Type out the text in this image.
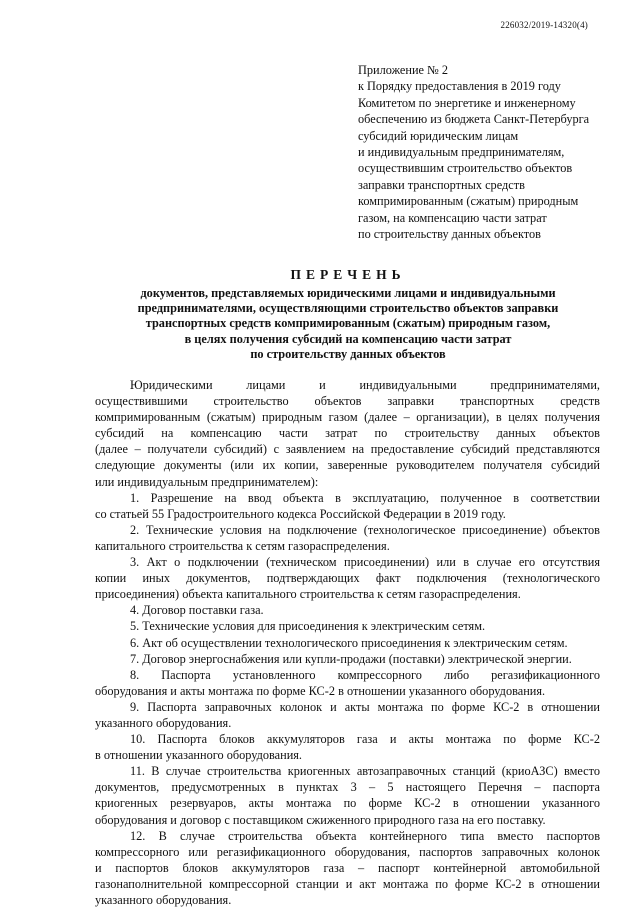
226032/2019-14320(4)
Приложение № 2
к Порядку предоставления в 2019 году
Комитетом по энергетике и инженерному
обеспечению из бюджета Санкт-Петербурга
субсидий юридическим лицам
и индивидуальным предпринимателям,
осуществившим строительство объектов
заправки транспортных средств
компримированным (сжатым) природным
газом, на компенсацию части затрат
по строительству данных объектов
ПЕРЕЧЕНЬ
документов, представляемых юридическими лицами и индивидуальными
предпринимателями, осуществляющими строительство объектов заправки
транспортных средств компримированным (сжатым) природным газом,
в целях получения субсидий на компенсацию части затрат
по строительству данных объектов
Юридическими лицами и индивидуальными предпринимателями,
осуществившими строительство объектов заправки транспортных средств
компримированным (сжатым) природным газом (далее – организации), в целях получения
субсидий на компенсацию части затрат по строительству данных объектов
(далее – получатели субсидий) с заявлением на предоставление субсидий представляются
следующие документы (или их копии, заверенные руководителем получателя субсидий
или индивидуальным предпринимателем):
1. Разрешение на ввод объекта в эксплуатацию, полученное в соответствии
со статьей 55 Градостроительного кодекса Российской Федерации в 2019 году.
2. Технические условия на подключение (технологическое присоединение) объектов
капитального строительства к сетям газораспределения.
3. Акт о подключении (техническом присоединении) или в случае его отсутствия
копии иных документов, подтверждающих факт подключения (технологического
присоединения) объекта капитального строительства к сетям газораспределения.
4. Договор поставки газа.
5. Технические условия для присоединения к электрическим сетям.
6. Акт об осуществлении технологического присоединения к электрическим сетям.
7. Договор энергоснабжения или купли-продажи (поставки) электрической энергии.
8. Паспорта установленного компрессорного либо регазификационного
оборудования и акты монтажа по форме КС-2 в отношении указанного оборудования.
9. Паспорта заправочных колонок и акты монтажа по форме КС-2 в отношении
указанного оборудования.
10. Паспорта блоков аккумуляторов газа и акты монтажа по форме КС-2
в отношении указанного оборудования.
11. В случае строительства криогенных автозаправочных станций (криоАЗС) вместо
документов, предусмотренных в пунктах 3 – 5 настоящего Перечня – паспорта
криогенных резервуаров, акты монтажа по форме КС-2 в отношении указанного
оборудования и договор с поставщиком сжиженного природного газа на его поставку.
12. В случае строительства объекта контейнерного типа вместо паспортов
компрессорного или регазификационного оборудования, паспортов заправочных колонок
и паспортов блоков аккумуляторов газа – паспорт контейнерной автомобильной
газонаполнительной компрессорной станции и акт монтажа по форме КС-2 в отношении
указанного оборудования.
